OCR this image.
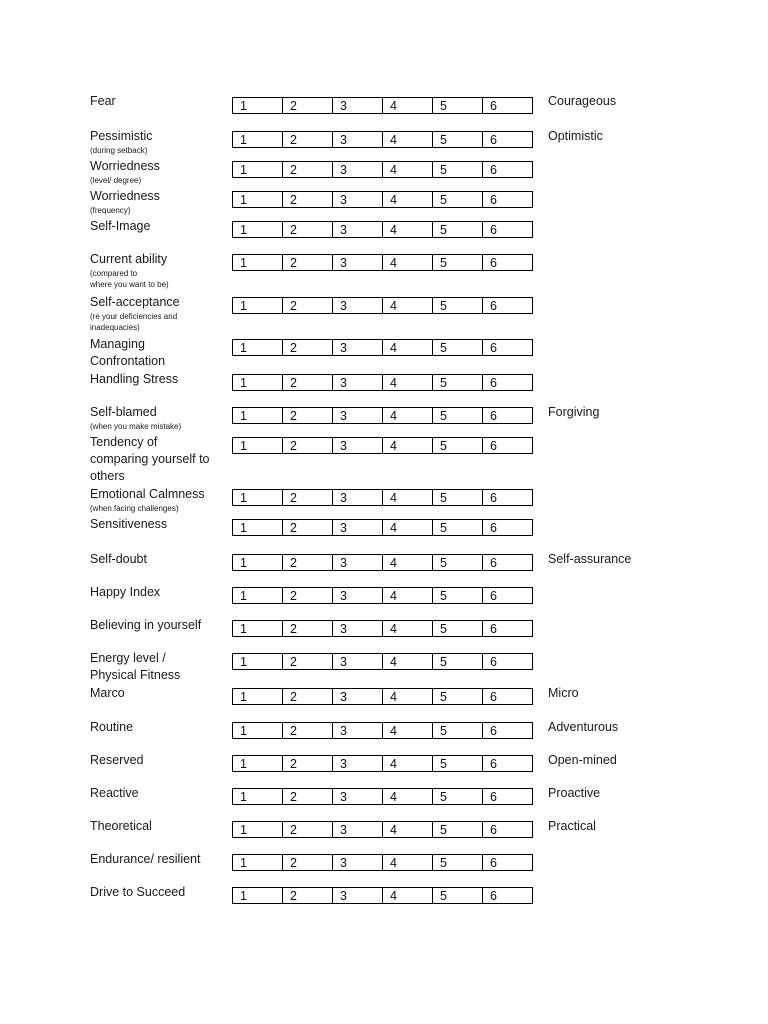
Fear	1	2	3	4	5	6	Courageous
Pessimistic
(during setback)
1	2	3	4	5	6	Optimistic
Worriedness
(level/ degree)
1	2	3	4	5	6
Worriedness
(frequency)
1	2	3	4	5	6
Self-Image	1	2	3	4	5	6
Current ability
(compared to
where you want to be)
1	2	3	4	5	6
Self-acceptance
(re your deficiencies and
inadequacies)
1	2	3	4	5	6
Managing
Confrontation
1	2	3	4	5	6
Handling Stress	1	2	3	4	5	6
Self-blamed
(when you make mistake)
1	2	3	4	5	6	Forgiving
Tendency of
comparing yourself to
others
1	2	3	4	5	6
Emotional Calmness
(when facing challenges)
1	2	3	4	5	6
Sensitiveness	1	2	3	4	5	6
Self-doubt	1	2	3	4	5	6	Self-assurance
Happy Index	1	2	3	4	5	6
Believing in yourself	1	2	3	4	5	6
Energy level /
Physical Fitness
1	2	3	4	5	6
Marco	1	2	3	4	5	6	Micro
Routine	1	2	3	4	5	6	Adventurous
Reserved	1	2	3	4	5	6	Open-mined
Reactive	1	2	3	4	5	6	Proactive
Theoretical	1	2	3	4	5	6	Practical
Endurance/ resilient	1	2	3	4	5	6
Drive to Succeed	1	2	3	4	5	6
